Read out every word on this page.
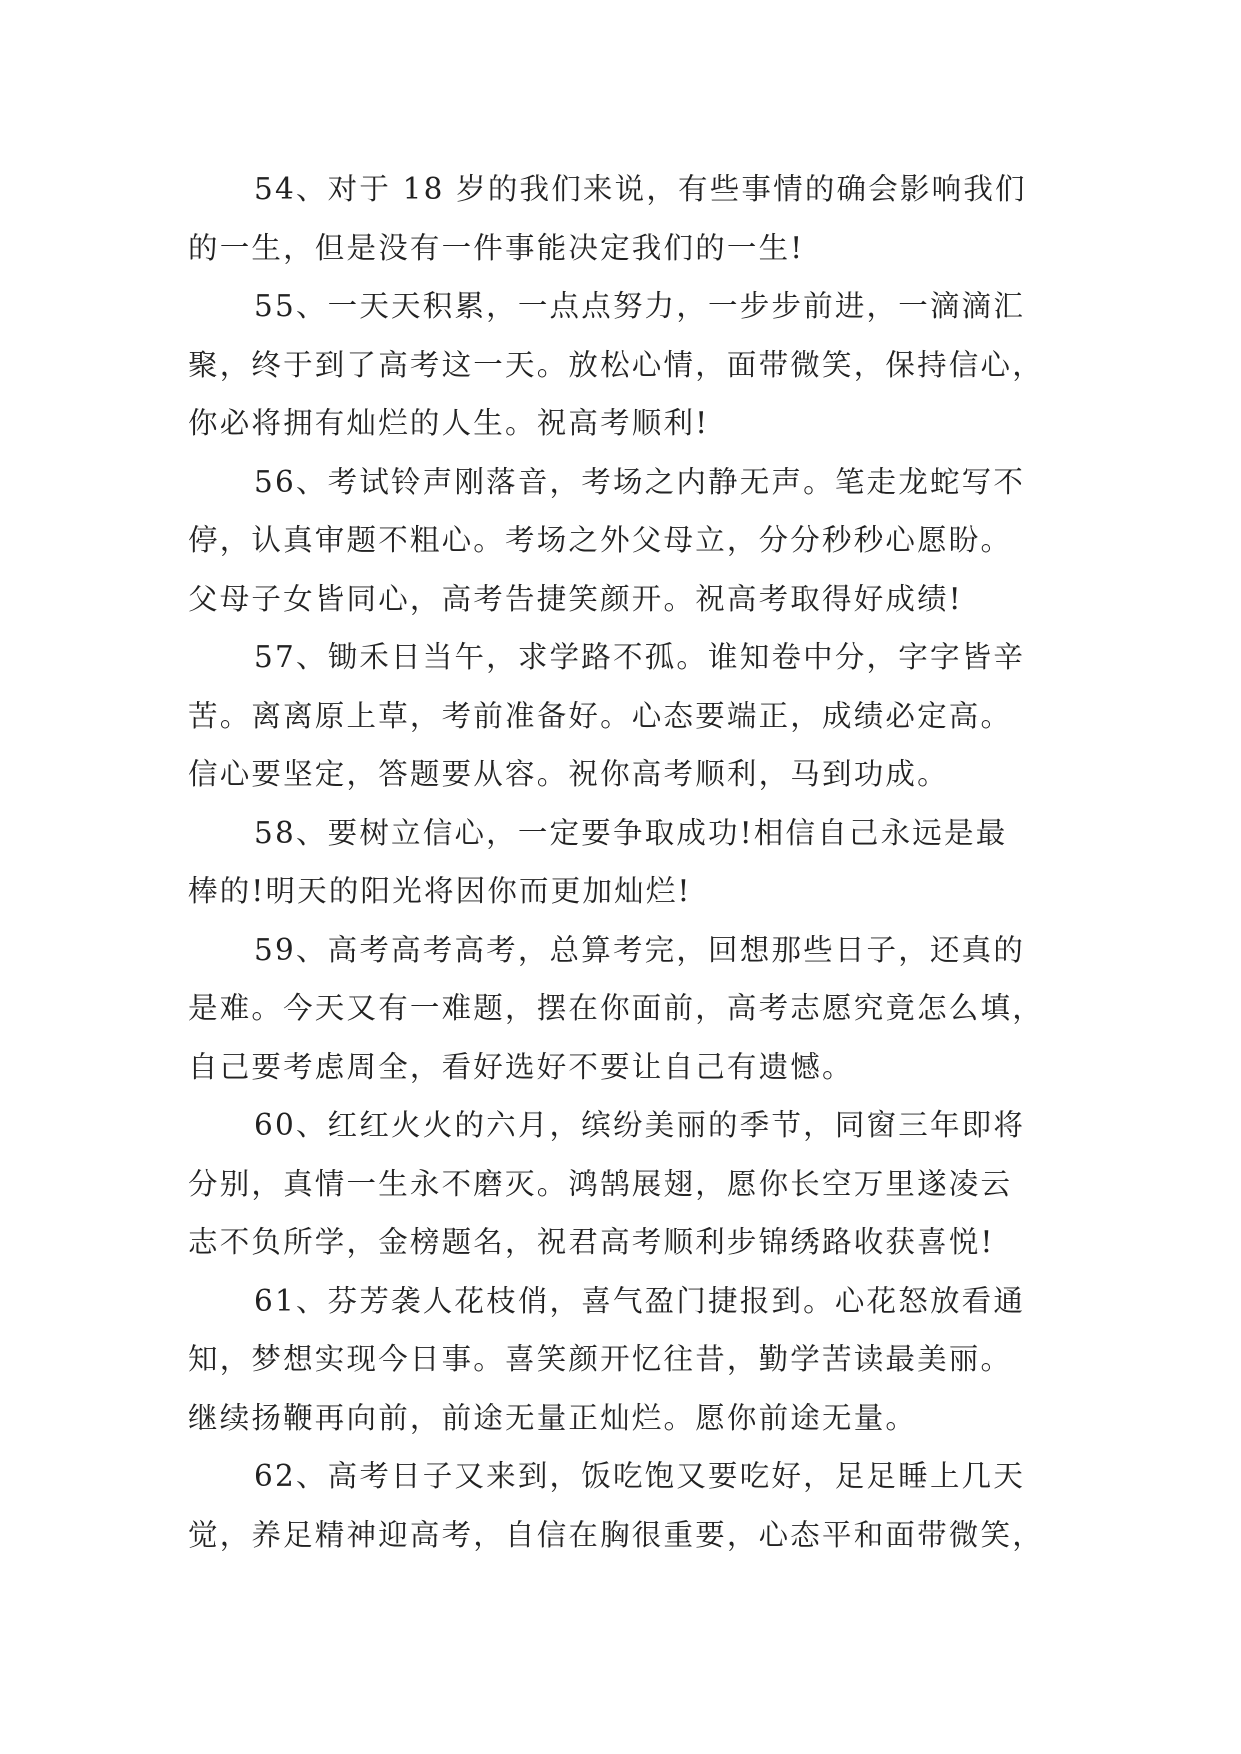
54、对于 18 岁的我们来说，有些事情的确会影响我们
的一生，但是没有一件事能决定我们的一生!
55、一天天积累，一点点努力，一步步前进，一滴滴汇
聚，终于到了高考这一天。放松心情，面带微笑，保持信心，
你必将拥有灿烂的人生。祝高考顺利!
56、考试铃声刚落音，考场之内静无声。笔走龙蛇写不
停，认真审题不粗心。考场之外父母立，分分秒秒心愿盼。
父母子女皆同心，高考告捷笑颜开。祝高考取得好成绩!
57、锄禾日当午，求学路不孤。谁知卷中分，字字皆辛
苦。离离原上草，考前准备好。心态要端正，成绩必定高。
信心要坚定，答题要从容。祝你高考顺利，马到功成。
58、要树立信心，一定要争取成功!相信自己永远是最
棒的!明天的阳光将因你而更加灿烂!
59、高考高考高考，总算考完，回想那些日子，还真的
是难。今天又有一难题，摆在你面前，高考志愿究竟怎么填，
自己要考虑周全，看好选好不要让自己有遗憾。
60、红红火火的六月，缤纷美丽的季节，同窗三年即将
分别，真情一生永不磨灭。鸿鹄展翅，愿你长空万里遂凌云
志不负所学，金榜题名，祝君高考顺利步锦绣路收获喜悦!
61、芬芳袭人花枝俏，喜气盈门捷报到。心花怒放看通
知，梦想实现今日事。喜笑颜开忆往昔，勤学苦读最美丽。
继续扬鞭再向前，前途无量正灿烂。愿你前途无量。
62、高考日子又来到，饭吃饱又要吃好，足足睡上几天
觉，养足精神迎高考，自信在胸很重要，心态平和面带微笑，
